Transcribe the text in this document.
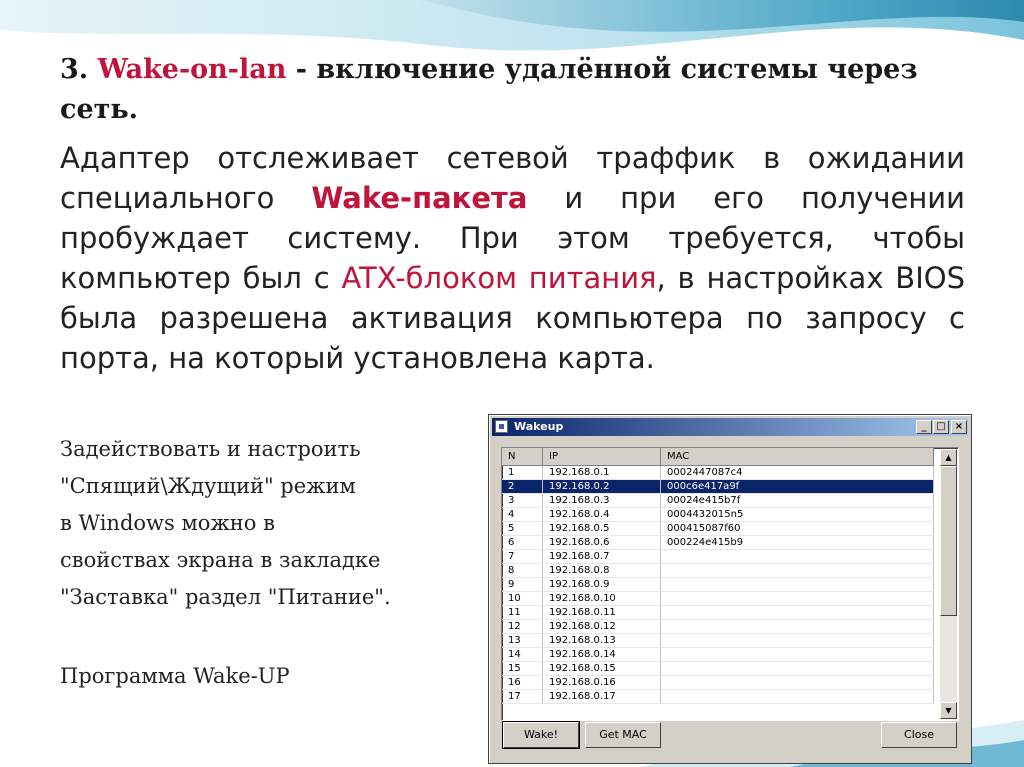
3. Wake-on-lan - включение удалённой системы через сеть.
Адаптер отслеживает сетевой траффик в ожидании специального Wake-пакета и при его получении пробуждает систему. При этом требуется, чтобы компьютер был с ATX-блоком питания, в настройках BIOS была разрешена активация компьютера по запросу с порта, на который установлена карта.
Задействовать и настроить
"Спящий\Ждущий" режим
в Windows можно в
свойствах экрана в закладке
"Заставка" раздел "Питание".
Программа Wake-UP
Wakeup	_ □ ×
N	IP	MAC
1	192.168.0.1	0002447087c4
2	192.168.0.2	000c6e417a9f
3	192.168.0.3	00024e415b7f
4	192.168.0.4	0004432015n5
5	192.168.0.5	000415087f60
6	192.168.0.6	000224e415b9
7	192.168.0.7	
8	192.168.0.8	
9	192.168.0.9	
10	192.168.0.10	
11	192.168.0.11	
12	192.168.0.12	
13	192.168.0.13	
14	192.168.0.14	
15	192.168.0.15	
16	192.168.0.16	
17	192.168.0.17	
▲
▼
Wake!	Get MAC	Close
